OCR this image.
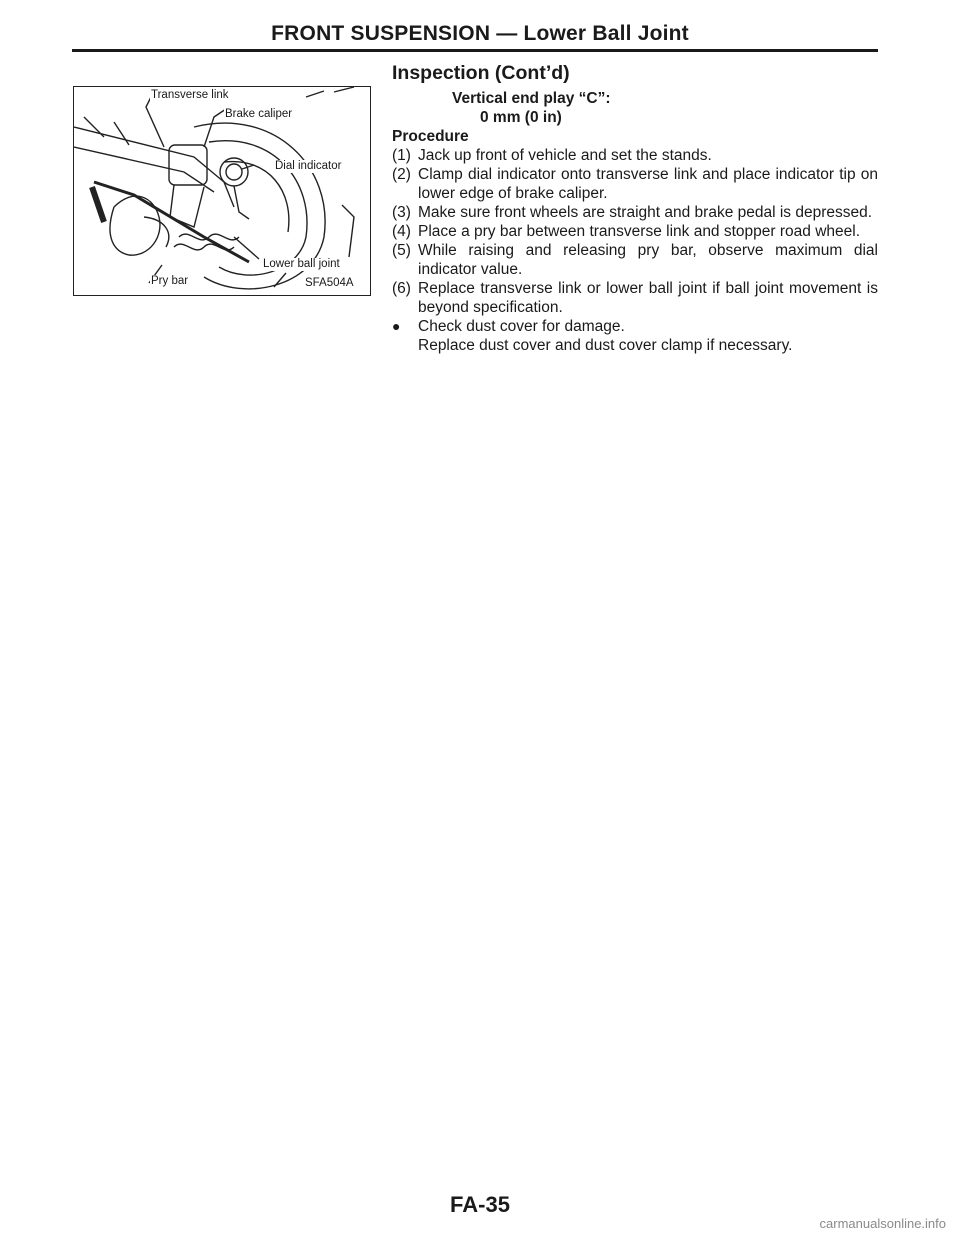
FRONT SUSPENSION — Lower Ball Joint
Transverse link
Brake caliper
Dial indicator
Lower ball joint
Pry bar	SFA504A
Inspection (Cont’d)
Vertical end play “C”:
0 mm (0 in)
Procedure
(1) Jack up front of vehicle and set the stands.
(2) Clamp dial indicator onto transverse link and place indicator tip on lower edge of brake caliper.
(3) Make sure front wheels are straight and brake pedal is depressed.
(4) Place a pry bar between transverse link and stopper road wheel.
(5) While raising and releasing pry bar, observe maximum dial indicator value.
(6) Replace transverse link or lower ball joint if ball joint movement is beyond specification.
●	Check dust cover for damage.
Replace dust cover and dust cover clamp if necessary.
FA-35
carmanualsonline.info
